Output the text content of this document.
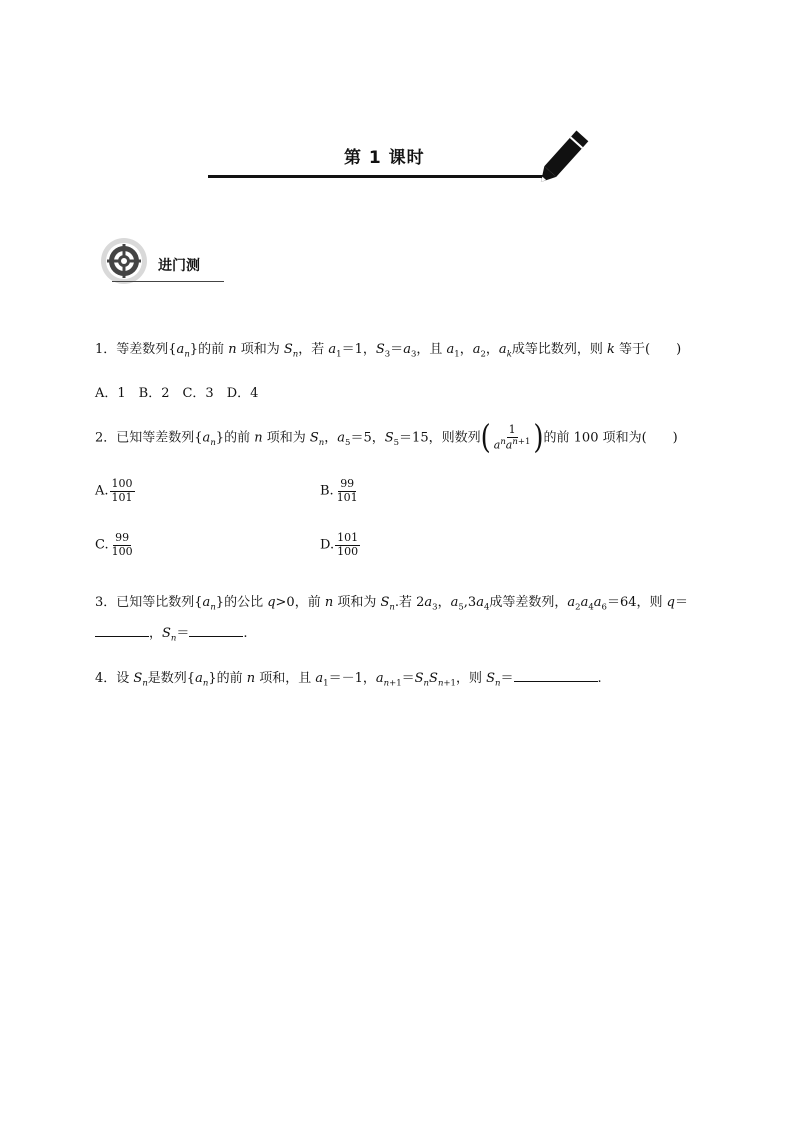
第 1 课时
进门测
1．等差数列$\{a_n\}$的前 n 项和为 $S_n$，若 $a_1=1$，$S_3=a_3$，且 $a_1$，$a_2$，$a_k$成等比数列，则 k 等于(　　)
A．1　B．2　C．3　D．4
2．已知等差数列$\{a_n\}$的前 n 项和为 $S_n$，$a_5=5$，$S_5=15$，则数列( $\frac{1}{a^na^{n+1}}$ )的前 100 项和为(　　)
A. $\frac{100}{101}$	B. $\frac{99}{101}$
C. $\frac{99}{100}$	D. $\frac{101}{100}$
3．已知等比数列$\{a_n\}$的公比 q>0，前 n 项和为 $S_n$.若 $2a_3$，$a_5,3a_4$成等差数列，$a_2a_4a_6=64$，则 q＝
，$S_n=$	.
4．设 $S_n$是数列$\{a_n\}$的前 n 项和，且 $a_1=-1$，$a_{n+1}=S_nS_{n+1}$，则 $S_n=$	.
